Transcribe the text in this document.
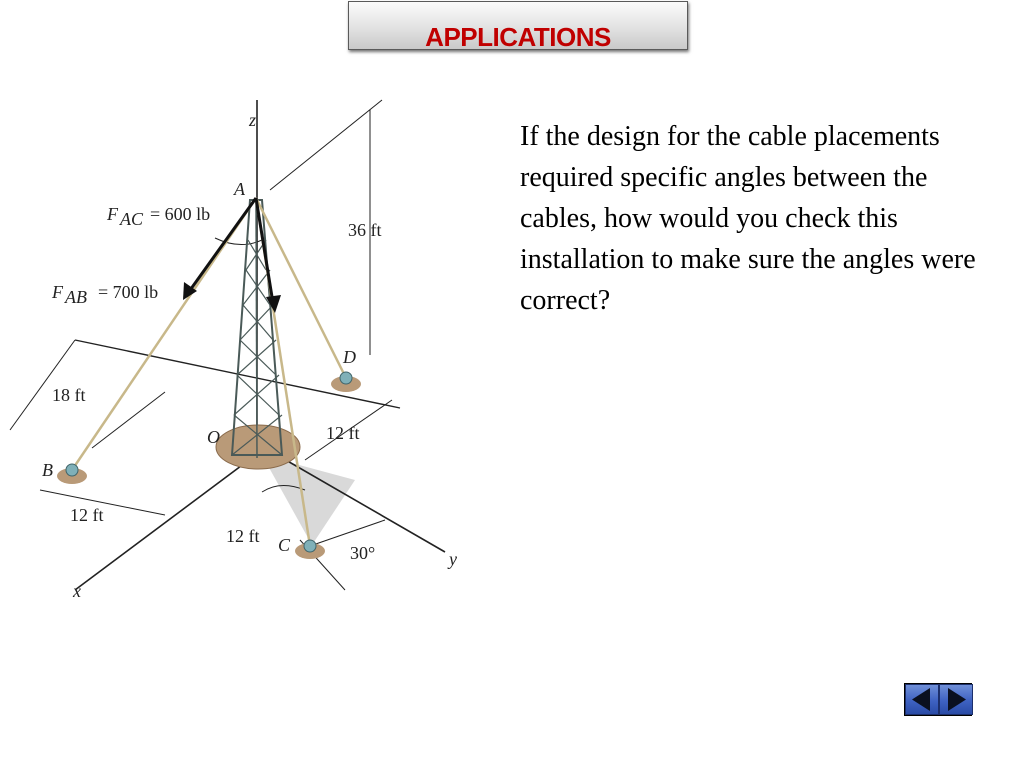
APPLICATIONS
z
x
y
A
B
C
D
O
F AC = 600 lb
F AB = 700 lb
36 ft
18 ft
12 ft
12 ft
12 ft
30°
If the design for the cable placements required specific angles between the cables, how would you check this installation to make sure the angles were correct?
